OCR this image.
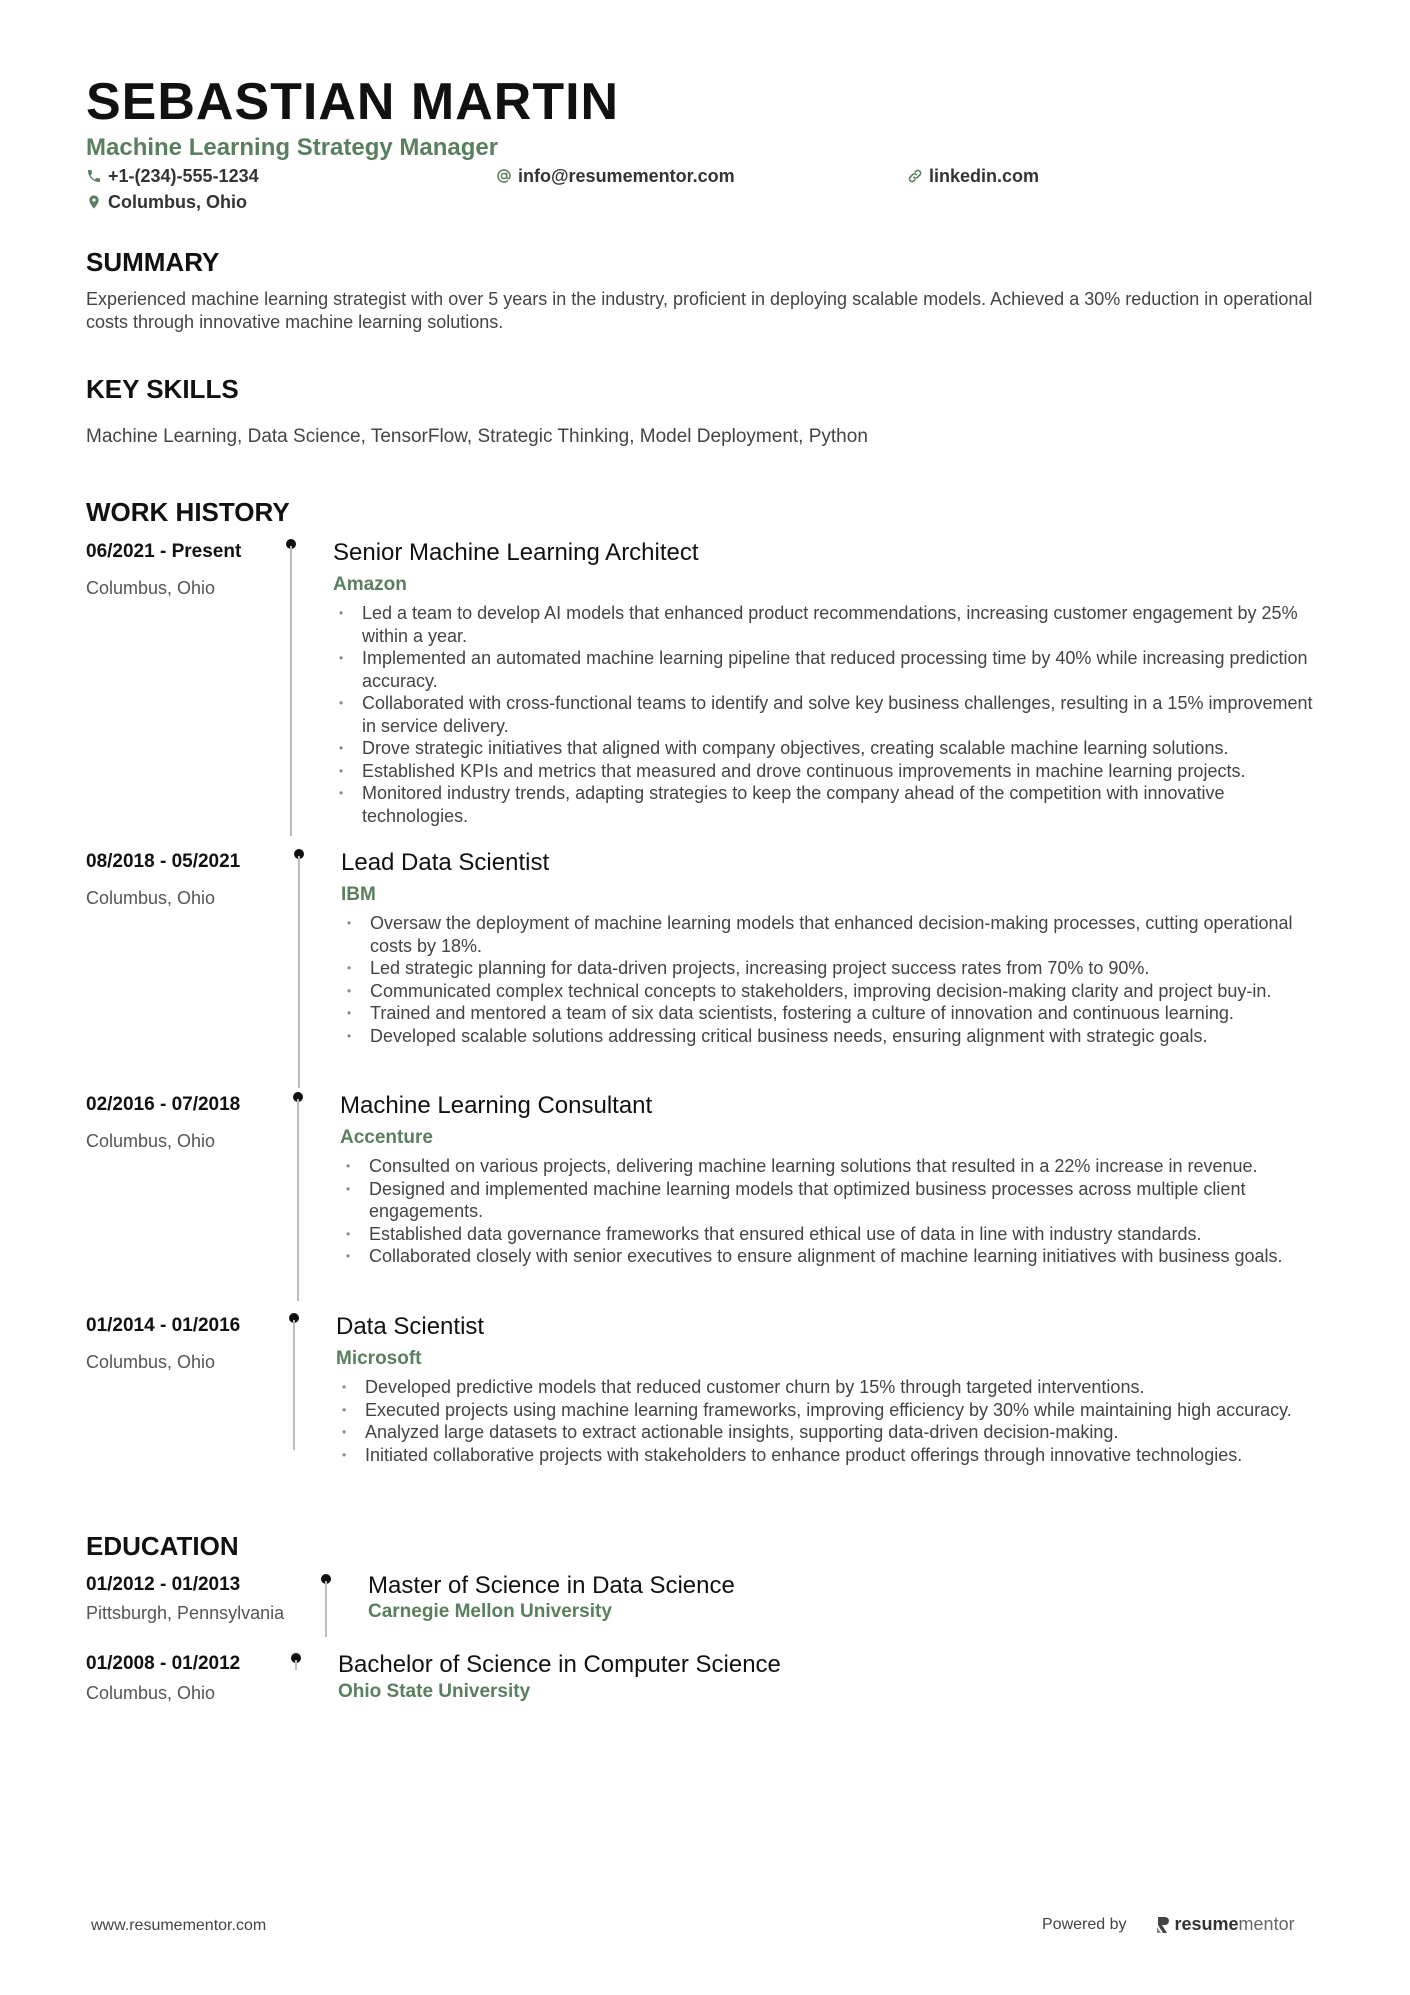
SEBASTIAN MARTIN
Machine Learning Strategy Manager
+1-(234)-555-1234	info@resumementor.com	linkedin.com
Columbus, Ohio
SUMMARY
Experienced machine learning strategist with over 5 years in the industry, proficient in deploying scalable models. Achieved a 30% reduction in operational costs through innovative machine learning solutions.
KEY SKILLS
Machine Learning, Data Science, TensorFlow, Strategic Thinking, Model Deployment, Python
WORK HISTORY
06/2021 - Present
Columbus, Ohio
Senior Machine Learning Architect
Amazon
• Led a team to develop AI models that enhanced product recommendations, increasing customer engagement by 25% within a year.
• Implemented an automated machine learning pipeline that reduced processing time by 40% while increasing prediction accuracy.
• Collaborated with cross-functional teams to identify and solve key business challenges, resulting in a 15% improvement in service delivery.
• Drove strategic initiatives that aligned with company objectives, creating scalable machine learning solutions.
• Established KPIs and metrics that measured and drove continuous improvements in machine learning projects.
• Monitored industry trends, adapting strategies to keep the company ahead of the competition with innovative technologies.
08/2018 - 05/2021
Columbus, Ohio
Lead Data Scientist
IBM
• Oversaw the deployment of machine learning models that enhanced decision-making processes, cutting operational costs by 18%.
• Led strategic planning for data-driven projects, increasing project success rates from 70% to 90%.
• Communicated complex technical concepts to stakeholders, improving decision-making clarity and project buy-in.
• Trained and mentored a team of six data scientists, fostering a culture of innovation and continuous learning.
• Developed scalable solutions addressing critical business needs, ensuring alignment with strategic goals.
02/2016 - 07/2018
Columbus, Ohio
Machine Learning Consultant
Accenture
• Consulted on various projects, delivering machine learning solutions that resulted in a 22% increase in revenue.
• Designed and implemented machine learning models that optimized business processes across multiple client engagements.
• Established data governance frameworks that ensured ethical use of data in line with industry standards.
• Collaborated closely with senior executives to ensure alignment of machine learning initiatives with business goals.
01/2014 - 01/2016
Columbus, Ohio
Data Scientist
Microsoft
• Developed predictive models that reduced customer churn by 15% through targeted interventions.
• Executed projects using machine learning frameworks, improving efficiency by 30% while maintaining high accuracy.
• Analyzed large datasets to extract actionable insights, supporting data-driven decision-making.
• Initiated collaborative projects with stakeholders to enhance product offerings through innovative technologies.
EDUCATION
01/2012 - 01/2013
Pittsburgh, Pennsylvania
Master of Science in Data Science
Carnegie Mellon University
01/2008 - 01/2012
Columbus, Ohio
Bachelor of Science in Computer Science
Ohio State University
www.resumementor.com	Powered by	resume mentor
